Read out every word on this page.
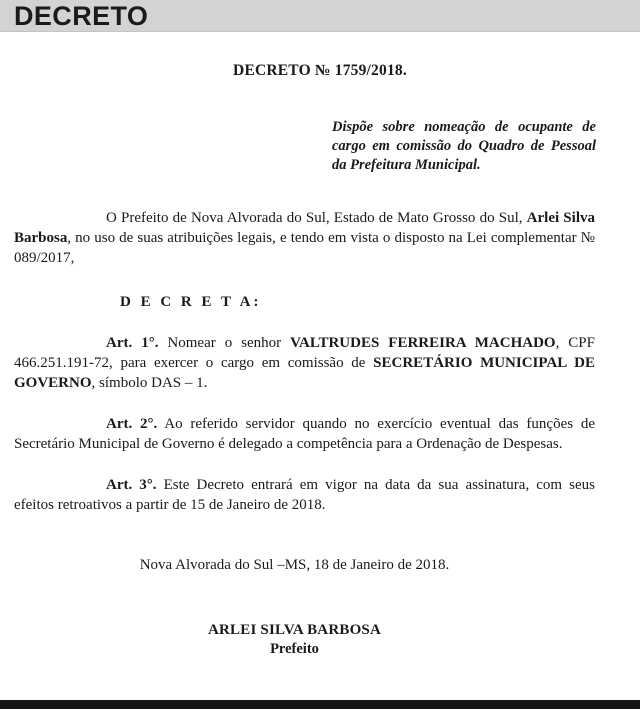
DECRETO

DECRETO № 1759/2018.

Dispõe sobre nomeação de ocupante de cargo em comissão do Quadro de Pessoal da Prefeitura Municipal.

O Prefeito de Nova Alvorada do Sul, Estado de Mato Grosso do Sul, Arlei Silva Barbosa, no uso de suas atribuições legais, e tendo em vista o disposto na Lei complementar № 089/2017,

D E C R E T A:

Art. 1°. Nomear o senhor VALTRUDES FERREIRA MACHADO, CPF 466.251.191-72, para exercer o cargo em comissão de SECRETÁRIO MUNICIPAL DE GOVERNO, símbolo DAS – 1.

Art. 2°. Ao referido servidor quando no exercício eventual das funções de Secretário Municipal de Governo é delegado a competência para a Ordenação de Despesas.

Art. 3°. Este Decreto entrará em vigor na data da sua assinatura, com seus efeitos retroativos a partir de 15 de Janeiro de 2018.

Nova Alvorada do Sul –MS, 18 de Janeiro de 2018.

ARLEI SILVA BARBOSA
Prefeito
